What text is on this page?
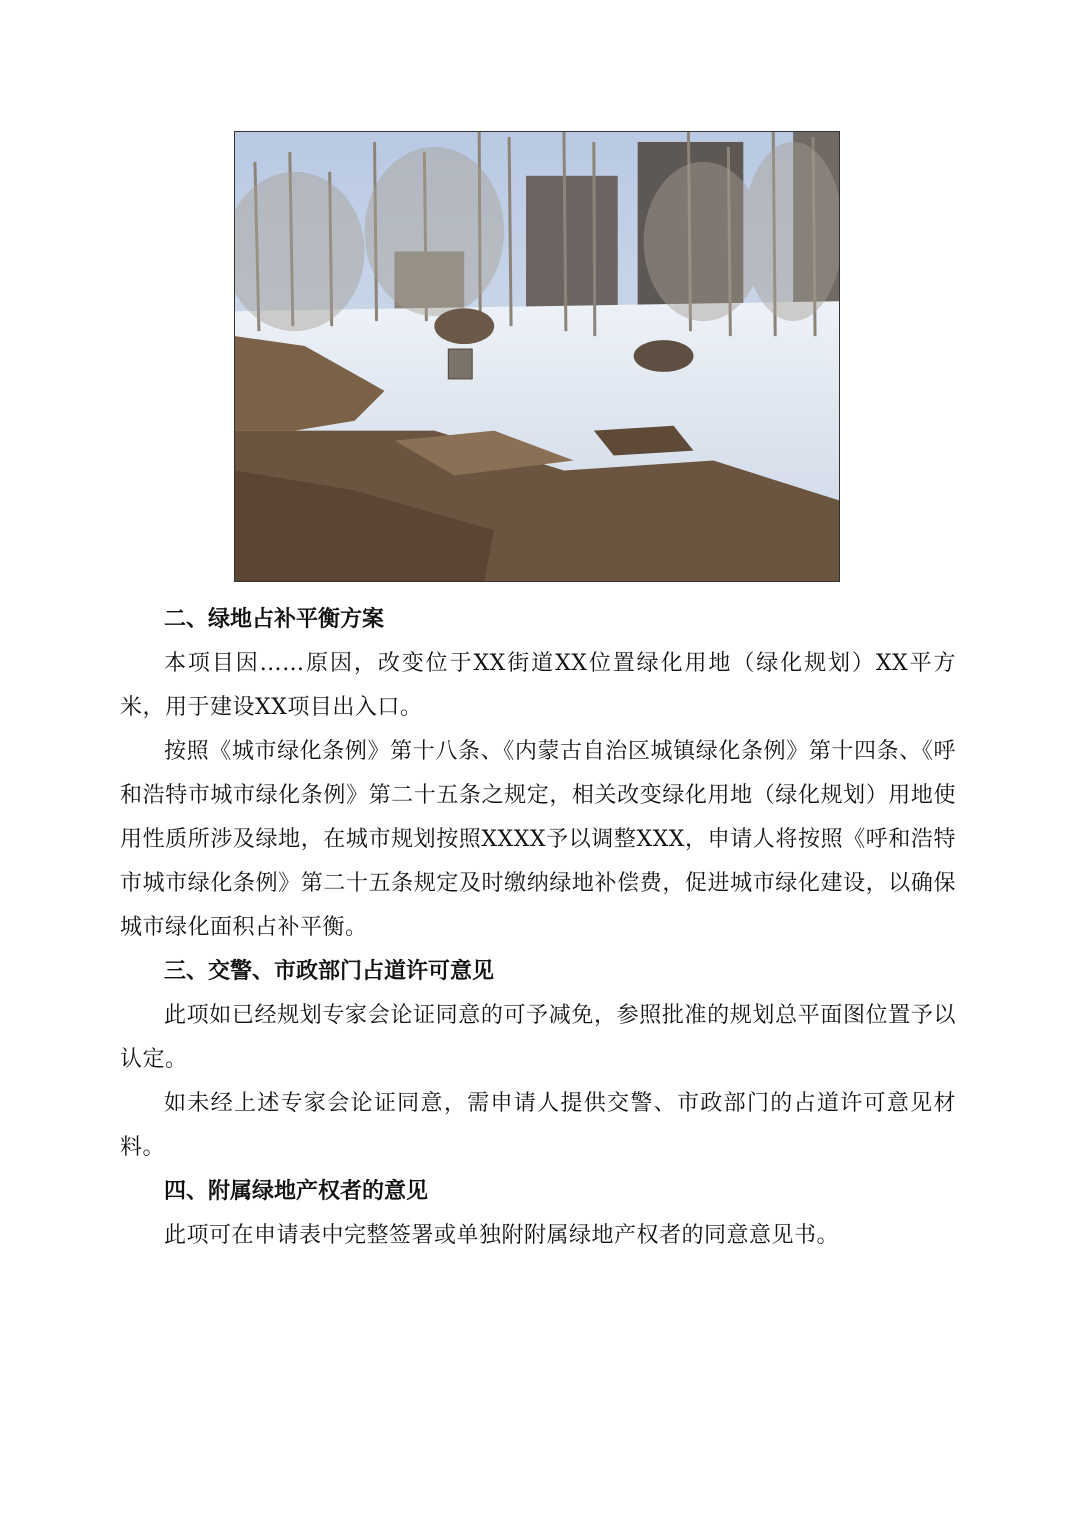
二、绿地占补平衡方案

本项目因……原因，改变位于XX街道XX位置绿化用地（绿化规划）XX平方米，用于建设XX项目出入口。

按照《城市绿化条例》第十八条、《内蒙古自治区城镇绿化条例》第十四条、《呼和浩特市城市绿化条例》第二十五条之规定，相关改变绿化用地（绿化规划）用地使用性质所涉及绿地，在城市规划按照XXXX予以调整XXX，申请人将按照《呼和浩特市城市绿化条例》第二十五条规定及时缴纳绿地补偿费，促进城市绿化建设，以确保城市绿化面积占补平衡。

三、交警、市政部门占道许可意见

此项如已经规划专家会论证同意的可予减免，参照批准的规划总平面图位置予以认定。

如未经上述专家会论证同意，需申请人提供交警、市政部门的占道许可意见材料。

四、附属绿地产权者的意见

此项可在申请表中完整签署或单独附附属绿地产权者的同意意见书。
